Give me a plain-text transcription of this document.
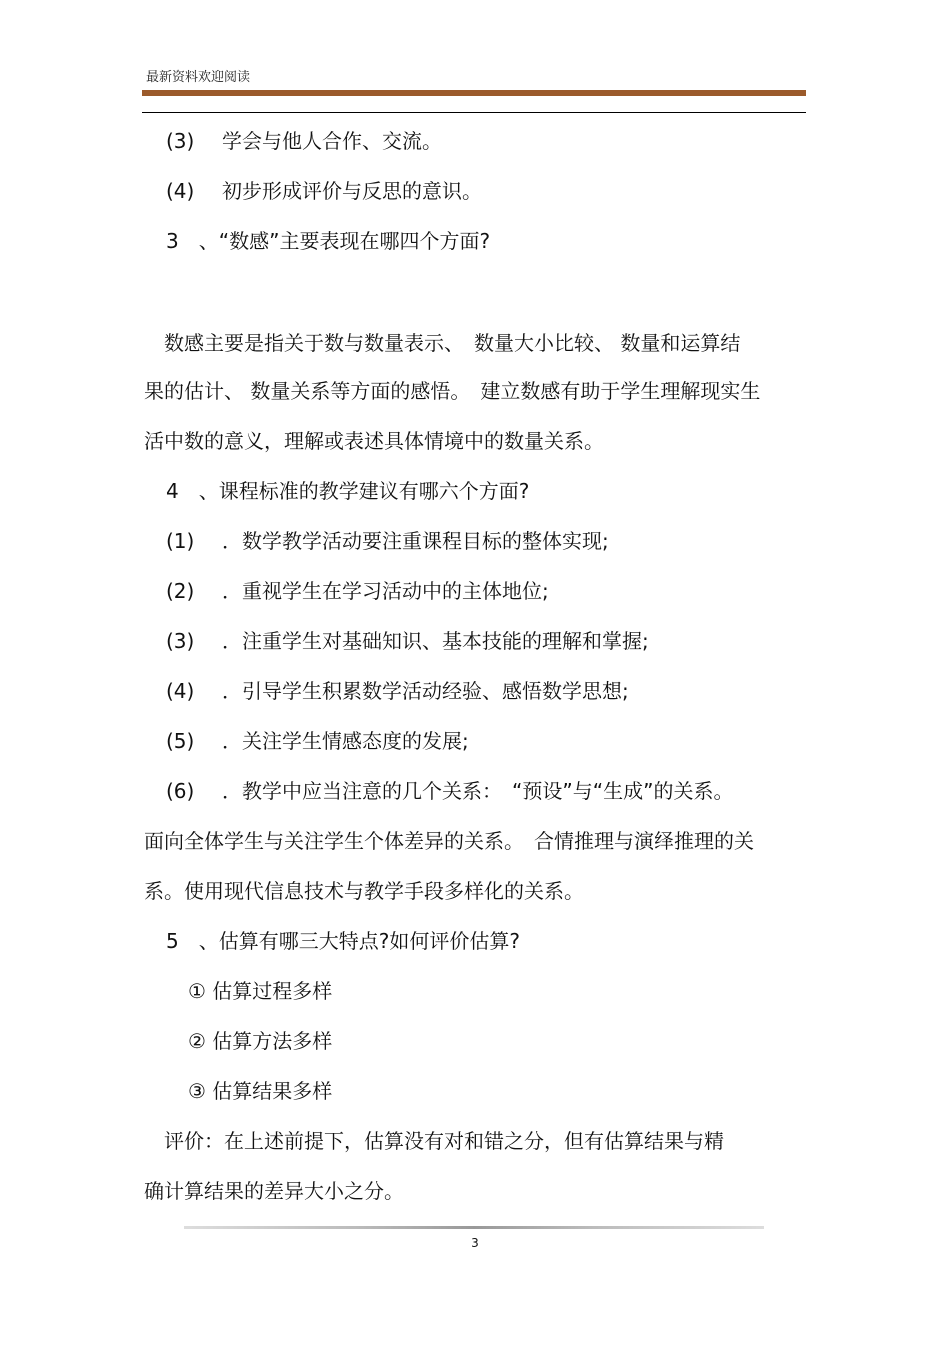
最新资料欢迎阅读
(3) 学会与他人合作、交流。
(4) 初步形成评价与反思的意识。
3　、“数感”主要表现在哪四个方面?
　数感主要是指关于数与数量表示、　数量大小比较、 数量和运算结
果的估计、 数量关系等方面的感悟。　建立数感有助于学生理解现实生
活中数的意义，理解或表述具体情境中的数量关系。
4　、课程标准的教学建议有哪六个方面?
(1) ．数学教学活动要注重课程目标的整体实现;
(2) ．重视学生在学习活动中的主体地位;
(3) ．注重学生对基础知识、基本技能的理解和掌握;
(4) ．引导学生积累数学活动经验、感悟数学思想;
(5) ．关注学生情感态度的发展;
(6) ．教学中应当注意的几个关系：　“预设”与“生成”的关系。
面向全体学生与关注学生个体差异的关系。　合情推理与演绎推理的关
系。使用现代信息技术与教学手段多样化的关系。
5　、估算有哪三大特点?如何评价估算?
① 估算过程多样
② 估算方法多样
③ 估算结果多样
　评价：在上述前提下，估算没有对和错之分，但有估算结果与精
确计算结果的差异大小之分。
3
